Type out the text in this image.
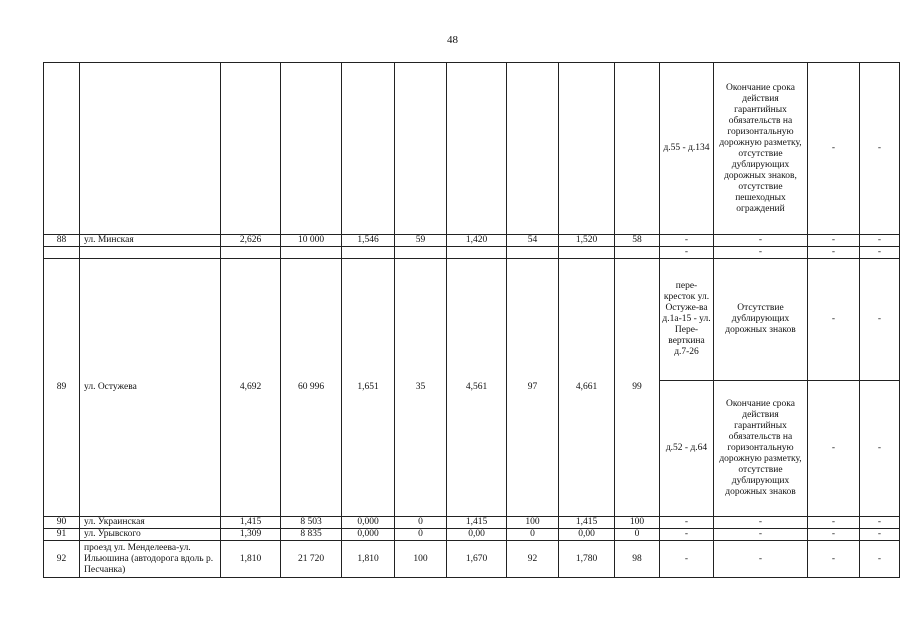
48
										д.55 - д.134	Окончание срока действия гарантийных обязательств на горизонтальную дорожную разметку, отсутствие дублирующих дорожных знаков, отсутствие пешеходных ограждений	-	-
88	ул. Минская	2,626	10 000	1,546	59	1,420	54	1,520	58	-	-	-	-
										-	-	-	-
89	ул. Остужева	4,692	60 996	1,651	35	4,561	97	4,661	99	пере-кресток ул. Остуже-ва д.1а-15 - ул. Пере-верткина д.7-26	Отсутствие дублирующих дорожных знаков	-	-
										д.52 - д.64	Окончание срока действия гарантийных обязательств на горизонтальную дорожную разметку, отсутствие дублирующих дорожных знаков	-	-
90	ул. Украинская	1,415	8 503	0,000	0	1,415	100	1,415	100	-	-	-	-
91	ул. Урывского	1,309	8 835	0,000	0	0,00	0	0,00	0	-	-	-	-
92	проезд ул. Менделеева-ул. Ильюшина (автодорога вдоль р. Песчанка)	1,810	21 720	1,810	100	1,670	92	1,780	98	-	-	-	-
